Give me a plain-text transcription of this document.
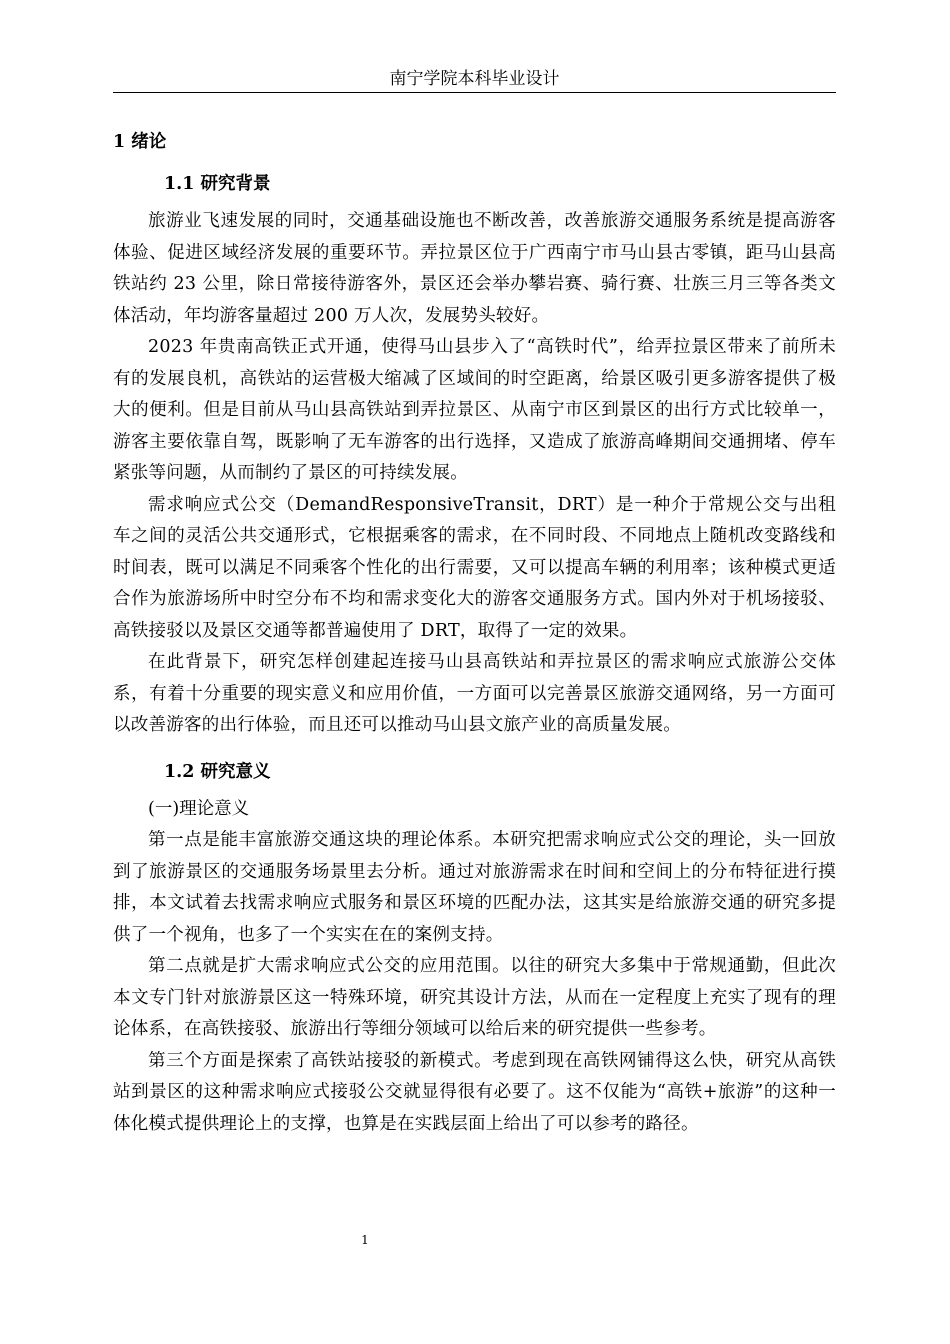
南宁学院本科毕业设计

1 绪论

1.1 研究背景

旅游业飞速发展的同时，交通基础设施也不断改善，改善旅游交通服务系统是提高游客体验、促进区域经济发展的重要环节。弄拉景区位于广西南宁市马山县古零镇，距马山县高铁站约 23 公里，除日常接待游客外，景区还会举办攀岩赛、骑行赛、壮族三月三等各类文体活动，年均游客量超过 200 万人次，发展势头较好。

2023 年贵南高铁正式开通，使得马山县步入了“高铁时代”，给弄拉景区带来了前所未有的发展良机，高铁站的运营极大缩减了区域间的时空距离，给景区吸引更多游客提供了极大的便利。但是目前从马山县高铁站到弄拉景区、从南宁市区到景区的出行方式比较单一，游客主要依靠自驾，既影响了无车游客的出行选择，又造成了旅游高峰期间交通拥堵、停车紧张等问题，从而制约了景区的可持续发展。

需求响应式公交（DemandResponsiveTransit，DRT）是一种介于常规公交与出租车之间的灵活公共交通形式，它根据乘客的需求，在不同时段、不同地点上随机改变路线和时间表，既可以满足不同乘客个性化的出行需要，又可以提高车辆的利用率；该种模式更适合作为旅游场所中时空分布不均和需求变化大的游客交通服务方式。国内外对于机场接驳、高铁接驳以及景区交通等都普遍使用了 DRT，取得了一定的效果。

在此背景下，研究怎样创建起连接马山县高铁站和弄拉景区的需求响应式旅游公交体系，有着十分重要的现实意义和应用价值，一方面可以完善景区旅游交通网络，另一方面可以改善游客的出行体验，而且还可以推动马山县文旅产业的高质量发展。

1.2 研究意义

(一)理论意义

第一点是能丰富旅游交通这块的理论体系。本研究把需求响应式公交的理论，头一回放到了旅游景区的交通服务场景里去分析。通过对旅游需求在时间和空间上的分布特征进行摸排，本文试着去找需求响应式服务和景区环境的匹配办法，这其实是给旅游交通的研究多提供了一个视角，也多了一个实实在在的案例支持。

第二点就是扩大需求响应式公交的应用范围。以往的研究大多集中于常规通勤，但此次本文专门针对旅游景区这一特殊环境，研究其设计方法，从而在一定程度上充实了现有的理论体系，在高铁接驳、旅游出行等细分领域可以给后来的研究提供一些参考。

第三个方面是探索了高铁站接驳的新模式。考虑到现在高铁网铺得这么快，研究从高铁站到景区的这种需求响应式接驳公交就显得很有必要了。这不仅能为“高铁+旅游”的这种一体化模式提供理论上的支撑，也算是在实践层面上给出了可以参考的路径。

1
